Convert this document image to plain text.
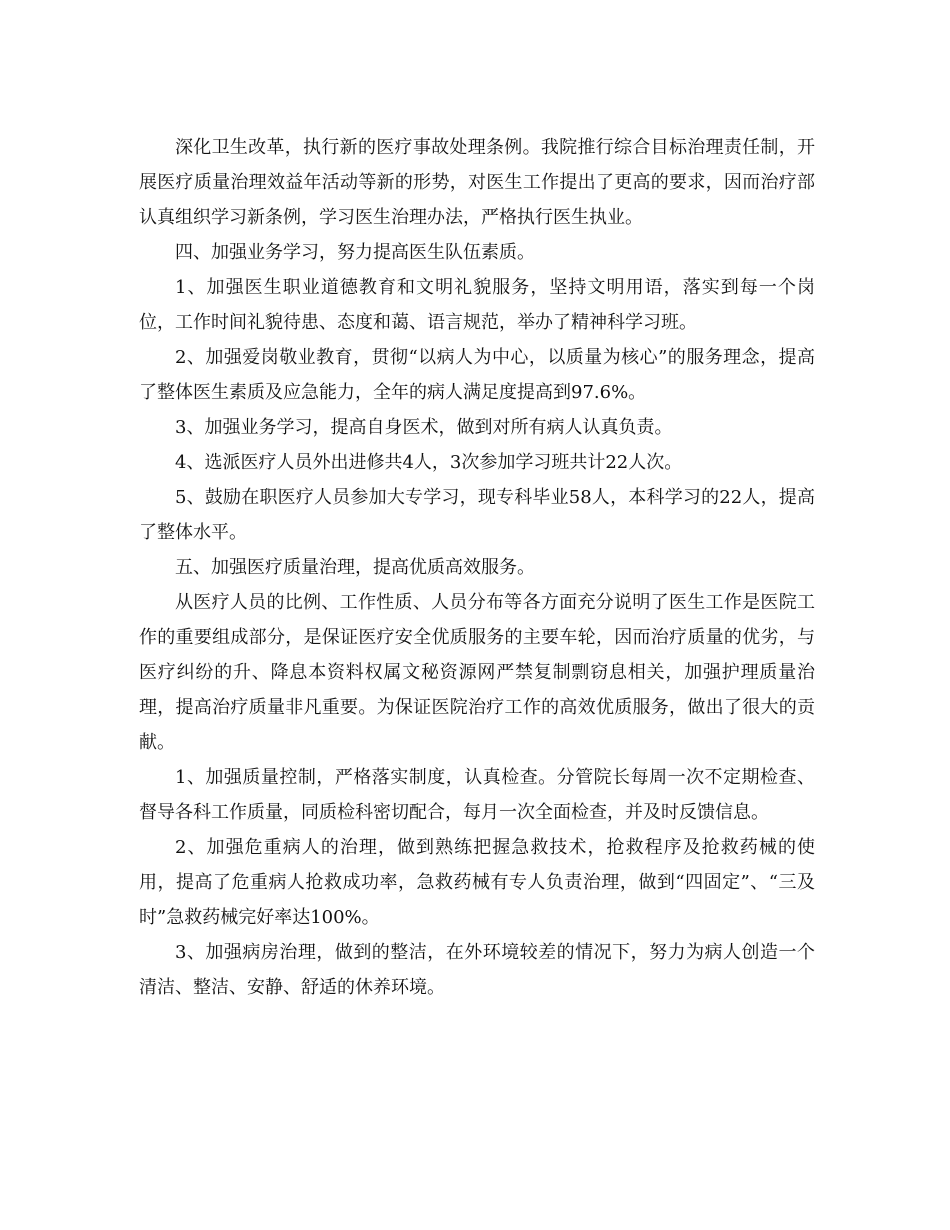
深化卫生改革，执行新的医疗事故处理条例。我院推行综合目标治理责任制，开展医疗质量治理效益年活动等新的形势，对医生工作提出了更高的要求，因而治疗部认真组织学习新条例，学习医生治理办法，严格执行医生执业。

四、加强业务学习，努力提高医生队伍素质。

1、加强医生职业道德教育和文明礼貌服务，坚持文明用语，落实到每一个岗位，工作时间礼貌待患、态度和蔼、语言规范，举办了精神科学习班。

2、加强爱岗敬业教育，贯彻“以病人为中心，以质量为核心”的服务理念，提高了整体医生素质及应急能力，全年的病人满足度提高到97.6%。

3、加强业务学习，提高自身医术，做到对所有病人认真负责。

4、选派医疗人员外出进修共4人，3次参加学习班共计22人次。

5、鼓励在职医疗人员参加大专学习，现专科毕业58人，本科学习的22人，提高了整体水平。

五、加强医疗质量治理，提高优质高效服务。

从医疗人员的比例、工作性质、人员分布等各方面充分说明了医生工作是医院工作的重要组成部分，是保证医疗安全优质服务的主要车轮，因而治疗质量的优劣，与医疗纠纷的升、降息本资料权属文秘资源网严禁复制剽窃息相关，加强护理质量治理，提高治疗质量非凡重要。为保证医院治疗工作的高效优质服务，做出了很大的贡献。

1、加强质量控制，严格落实制度，认真检查。分管院长每周一次不定期检查、督导各科工作质量，同质检科密切配合，每月一次全面检查，并及时反馈信息。

2、加强危重病人的治理，做到熟练把握急救技术，抢救程序及抢救药械的使用，提高了危重病人抢救成功率，急救药械有专人负责治理，做到“四固定”、“三及时”急救药械完好率达100%。

3、加强病房治理，做到的整洁，在外环境较差的情况下，努力为病人创造一个清洁、整洁、安静、舒适的休养环境。
